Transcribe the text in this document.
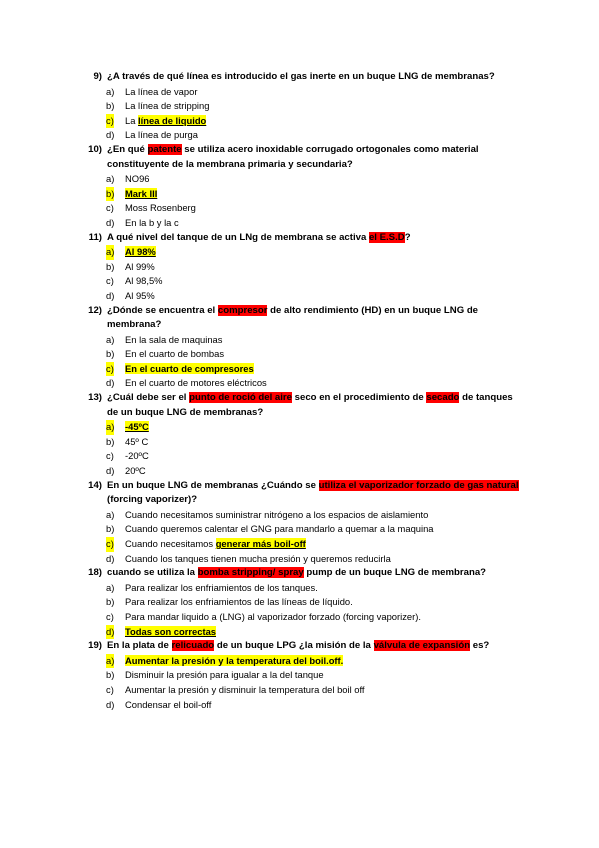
9) ¿A través de qué línea es introducido el gas inerte en un buque LNG de membranas?
a) La línea de vapor
b) La línea de stripping
c) La línea de liquido
d) La línea de purga
10) ¿En qué patente se utiliza acero inoxidable corrugado ortogonales como material constituyente de la membrana primaria y secundaria?
a) NO96
b) Mark III
c) Moss Rosenberg
d) En la b y la c
11) A qué nivel del tanque de un LNg de membrana se activa el E.S.D?
a) Al 98%
b) Al 99%
c) Al 98,5%
d) Al 95%
12) ¿Dónde se encuentra el compresor de alto rendimiento (HD) en un buque LNG de membrana?
a) En la sala de maquinas
b) En el cuarto de bombas
c) En el cuarto de compresores
d) En el cuarto de motores eléctricos
13) ¿Cuál debe ser el punto de roció del aire seco en el procedimiento de secado de tanques de un buque LNG de membranas?
a) -45ºC
b) 45º C
c) -20ºC
d) 20ºC
14) En un buque LNG de membranas ¿Cuándo se utiliza el vaporizador forzado de gas natural (forcing vaporizer)?
a) Cuando necesitamos suministrar nitrógeno a los espacios de aislamiento
b) Cuando queremos calentar el GNG para mandarlo a quemar a la maquina
c) Cuando necesitamos generar más boil-off
d) Cuando los tanques tienen mucha presión y queremos reducirla
18) cuando se utiliza la bomba stripping/ spray pump de un buque LNG de membrana?
a) Para realizar los enfriamientos de los tanques.
b) Para realizar los enfriamientos de las líneas de líquido.
c) Para mandar liquido a (LNG) al vaporizador forzado (forcing vaporizer).
d) Todas son correctas
19) En la plata de relicuado de un buque LPG ¿la misión de la válvula de expansión es?
a) Aumentar la presión y la temperatura del boil.off.
b) Disminuir la presión para igualar a la del tanque
c) Aumentar la presión y disminuir la temperatura del boil off
d) Condensar el boil-off
